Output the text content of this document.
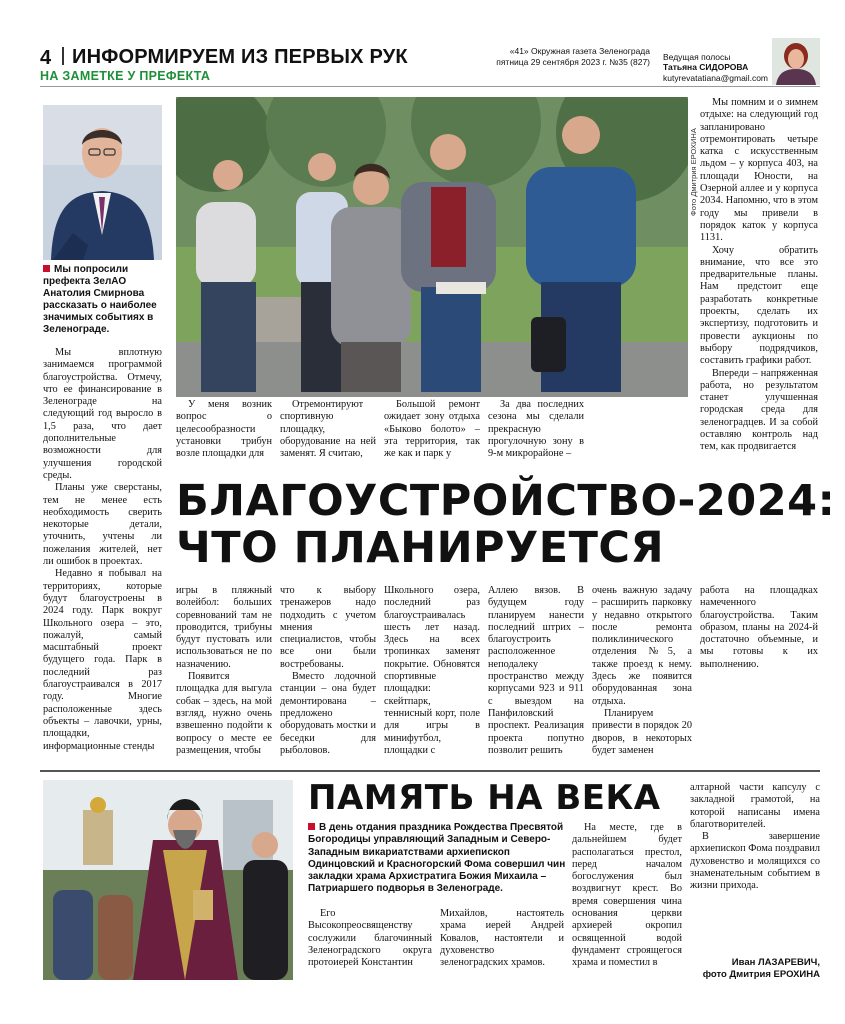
4 ИНФОРМИРУЕМ ИЗ ПЕРВЫХ РУК
НА ЗАМЕТКЕ У ПРЕФЕКТА
«41» Окружная газета Зеленограда
пятница 29 сентября 2023 г. №35 (827) Ведущая полосы
Татьяна СИДОРОВА
kutyrevatatiana@gmail.com
Мы попросили префекта ЗелАО Анатолия Смирнова рассказать о наиболее значимых событиях в Зеленограде.
Фото Дмитрия ЕРОХИНА

Мы вплотную занимаемся программой благоустройства. Отмечу, что ее финансирование в Зеленограде на следующий год выросло в 1,5 раза, что дает дополнительные возможности для улучшения городской среды.

Планы уже сверстаны, тем не менее есть необходимость сверить некоторые детали, уточнить, учтены ли пожелания жителей, нет ли ошибок в проектах.

Недавно я побывал на территориях, которые будут благоустроены в 2024 году. Парк вокруг Школьного озера – это, пожалуй, самый масштабный проект будущего года. Парк в последний раз благоустраивался в 2017 году. Многие расположенные здесь объекты – лавочки, урны, площадки, информационные стенды

У меня возник вопрос о целесообразности установки трибун возле площадки для

Отремонтируют спортивную площадку, оборудование на ней заменят. Я считаю,

Большой ремонт ожидает зону отдыха «Быково болото» – эта территория, так же как и парк у

За два последних сезона мы сделали прекрасную прогулочную зону в 9-м микрорайоне –

Мы помним и о зимнем отдыхе: на следующий год запланировано отремонтировать четыре катка с искусственным льдом – у корпуса 403, на площади Юности, на Озерной аллее и у корпуса 2034. Напомню, что в этом году мы привели в порядок каток у корпуса 1131.

Хочу обратить внимание, что все это предварительные планы. Нам предстоит еще разработать конкретные проекты, сделать их экспертизу, подготовить и провести аукционы по выбору подрядчиков, составить графики работ.

Впереди – напряженная работа, но результатом станет улучшенная городская среда для зеленоградцев. И за собой оставляю контроль над тем, как продвигается

БЛАГОУСТРОЙСТВО-2024:
ЧТО ПЛАНИРУЕТСЯ

игры в пляжный волейбол: больших соревнований там не проводится, трибуны будут пустовать или использоваться не по назначению.

Появится площадка для выгула собак – здесь, на мой взгляд, нужно очень взвешенно подойти к вопросу о месте ее размещения, чтобы

что к выбору тренажеров надо подходить с учетом мнения специалистов, чтобы все они были востребованы.

Вместо лодочной станции – она будет демонтирована – предложено оборудовать мостки и беседки для рыболовов.

Школьного озера, последний раз благоустраивалась шесть лет назад. Здесь на всех тропинках заменят покрытие. Обновятся спортивные площадки: скейтпарк, теннисный корт, поле для игры в минифутбол, площадки с

Аллею вязов. В будущем году планируем нанести последний штрих – благоустроить расположенное неподалеку пространство между корпусами 923 и 911 с выездом на Панфиловский проспект. Реализация проекта попутно позволит решить

работа на площадках намеченного благоустройства. Таким образом, планы на 2024-й достаточно объемные, и мы готовы к их выполнению.

очень важную задачу – расширить парковку у недавно открытого после ремонта поликлинического отделения №5, а также проезд к нему. Здесь же появится оборудованная зона отдыха.

Планируем привести в порядок 20 дворов, в некоторых будет заменен

ПАМЯТЬ НА ВЕКА
В день отдания праздника Рождества Пресвятой Богородицы управляющий Западным и Северо-Западным викариатствами архиепископ Одинцовский и Красногорский Фома совершил чин закладки храма Архистратига Божия Михаила – Патриаршего подворья в Зеленограде.

Его Высокопреосвященству сослужили благочинный Зеленоградского округа протоиерей Константин

Михайлов, настоятель храма иерей Андрей Ковалов, настоятели и духовенство зеленоградских храмов.

На месте, где в дальнейшем будет располагаться престол, перед началом богослужения был воздвигнут крест. Во время совершения чина основания церкви архиерей окропил освященной водой фундамент строящегося храма и поместил в

алтарной части капсулу с закладной грамотой, на которой написаны имена благотворителей.

В завершение архиепископ Фома поздравил духовенство и молящихся со знаменательным событием в жизни прихода.

Иван ЛАЗАРЕВИЧ,
фото Дмитрия ЕРОХИНА
